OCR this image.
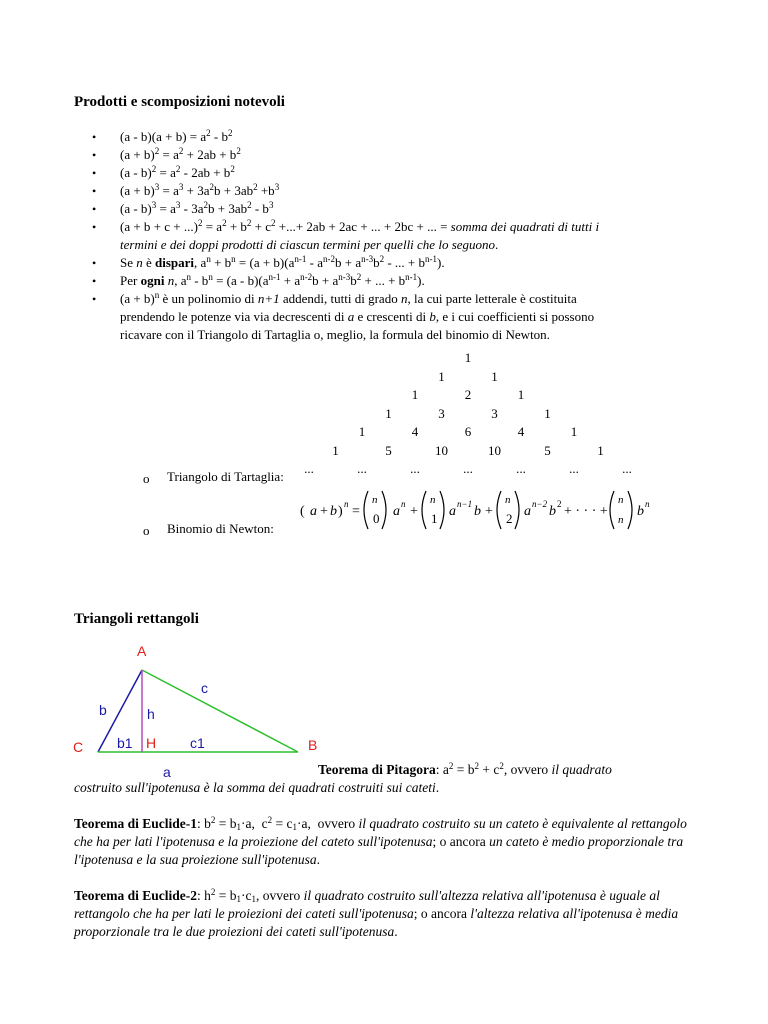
Prodotti e scomposizioni notevoli
• $(a - b)(a + b) = a^2 - b^2$
• $(a + b)^2 = a^2 + 2ab + b^2$
• $(a - b)^2 = a^2 - 2ab + b^2$
• $(a + b)^3 = a^3 + 3a^2b + 3ab^2 +b^3$
• $(a - b)^3 = a^3 - 3a^2b + 3ab^2 - b^3$
• $(a + b + c + ...)^2 = a^2 + b^2 + c^2$ +...+ 2ab + 2ac + ... + 2bc + ... = somma dei quadrati di tutti i
termini e dei doppi prodotti di ciascun termini per quelli che lo seguono.
• Se n è dispari, $a^n + b^n = (a + b)(a^{n-1} - a^{n-2}b + a^{n-3}b^2$ - ... + $b^{n-1}$).
• Per ogni n, $a^n - b^n = (a - b)(a^{n-1} + a^{n-2}b + a^{n-3}b^2$ + ... + $b^{n-1}$).
• $(a + b)^n$ è un polinomio di n+1 addendi, tutti di grado n, la cui parte letterale è costituita
prendendo le potenze via via decrescenti di a e crescenti di b, e i cui coefficienti si possono
ricavare con il Triangolo di Tartaglia o, meglio, la formula del binomio di Newton.
1
1	1
1	2	1
1	3	3	1
1	4	6	4	1
1	5	10	10	5	1
...	...	...	...	...	...	...
o Triangolo di Tartaglia:
o Binomio di Newton:
( a + b ) n =
n
0 a n +
n
1 a n−1 b +
n
2 a n−2 b 2 + · · · +
n
n
b n
Triangoli rettangoli
A
B
C	H
b
c
h
b1	c1
a	Teorema di Pitagora: $a^2 = b^2 + c^2$, ovvero il quadrato
costruito sull'ipotenusa è la somma dei quadrati costruiti sui cateti.
Teorema di Euclide-1: $b^2 = b_1\cdot a$,  $c^2 = c_1\cdot a$,  ovvero il quadrato costruito su un cateto è equivalente al rettangolo che ha per lati l'ipotenusa e la proiezione del cateto sull'ipotenusa; o ancora un cateto è medio proporzionale tra l'ipotenusa e la sua proiezione sull'ipotenusa.
Teorema di Euclide-2: $h^2 = b_1\cdot c_1$, ovvero il quadrato costruito sull'altezza relativa all'ipotenusa è uguale al rettangolo che ha per lati le proiezioni dei cateti sull'ipotenusa; o ancora l'altezza relativa all'ipotenusa è media proporzionale tra le due proiezioni dei cateti sull'ipotenusa.
